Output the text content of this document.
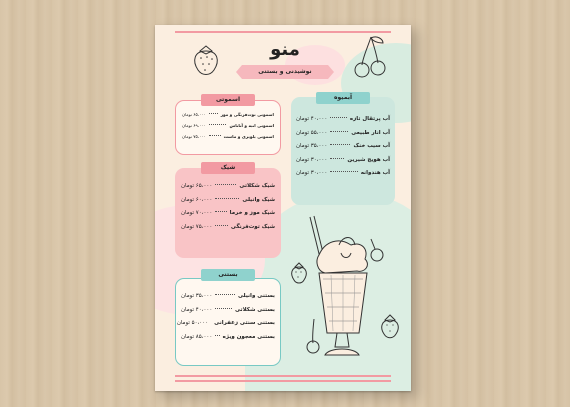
منو
نوشیدنی و بستنی
اسموتی
اسموتی توت‌فرنگی و موز
۶۵،۰۰۰ تومان
اسموتی انبه و آناناس
۶۹،۰۰۰ تومان
اسموتی بلوبری و ماست
۷۵،۰۰۰ تومان
آبمیوه
آب پرتقال تازه
۴۰،۰۰۰ تومان
آب انار طبیعی
۵۵،۰۰۰ تومان
آب سیب خنک
۳۵،۰۰۰ تومان
آب هویج شیرین
۳۰،۰۰۰ تومان
آب هندوانه
۳۰،۰۰۰ تومان
شیک
شیک شکلاتی
۶۵،۰۰۰ تومان
شیک وانیلی
۶۰،۰۰۰ تومان
شیک موز و خرما
۷۰،۰۰۰ تومان
شیک توت‌فرنگی
۷۵،۰۰۰ تومان
بستنی
بستنی وانیلی
۳۵،۰۰۰ تومان
بستنی شکلاتی
۴۰،۰۰۰ تومان
بستنی سنتی زعفرانی
۵۰،۰۰۰ تومان
بستنی معجون ویژه
۸۵،۰۰۰ تومان
